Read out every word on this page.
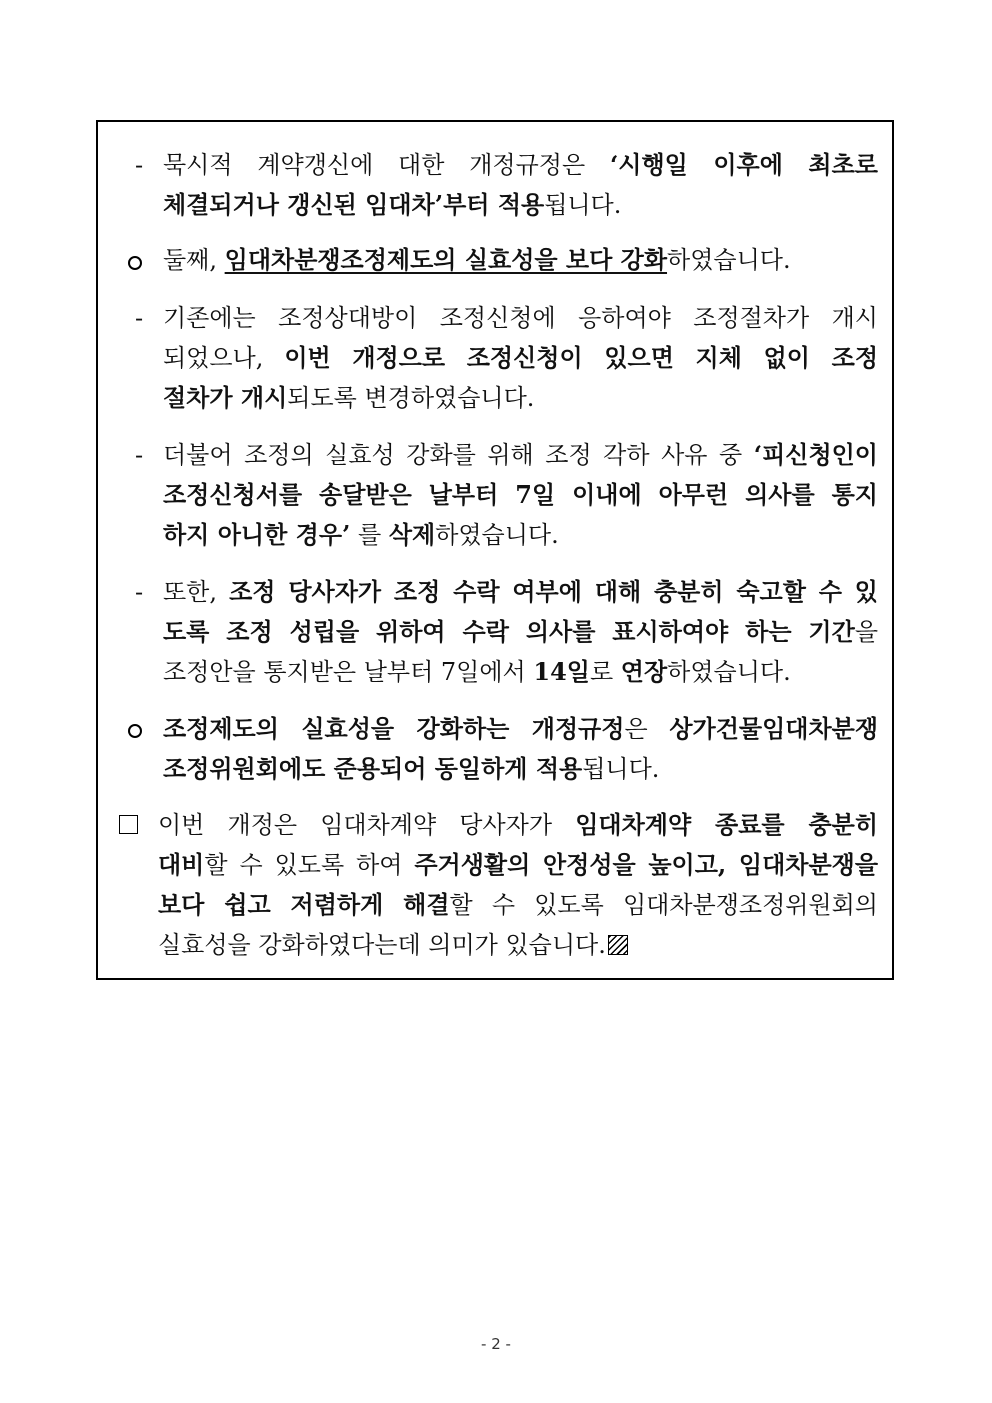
- 묵시적 계약갱신에 대한 개정규정은 ‘시행일 이후에 최초로
체결되거나 갱신된 임대차’부터 적용됩니다.
둘째, 임대차분쟁조정제도의 실효성을 보다 강화하였습니다.
- 기존에는 조정상대방이 조정신청에 응하여야 조정절차가 개시
되었으나, 이번 개정으로 조정신청이 있으면 지체 없이 조정
절차가 개시되도록 변경하였습니다.
- 더불어 조정의 실효성 강화를 위해 조정 각하 사유 중 ‘피신청인이
조정신청서를 송달받은 날부터 7일 이내에 아무런 의사를 통지
하지 아니한 경우’ 를 삭제하였습니다.
- 또한, 조정 당사자가 조정 수락 여부에 대해 충분히 숙고할 수 있
도록 조정 성립을 위하여 수락 의사를 표시하여야 하는 기간을
조정안을 통지받은 날부터 7일에서 14일로 연장하였습니다.
조정제도의 실효성을 강화하는 개정규정은 상가건물임대차분쟁
조정위원회에도 준용되어 동일하게 적용됩니다.
이번 개정은 임대차계약 당사자가 임대차계약 종료를 충분히
대비할 수 있도록 하여 주거생활의 안정성을 높이고, 임대차분쟁을
보다 쉽고 저렴하게 해결할 수 있도록 임대차분쟁조정위원회의
실효성을 강화하였다는데 의미가 있습니다.
- 2 -
